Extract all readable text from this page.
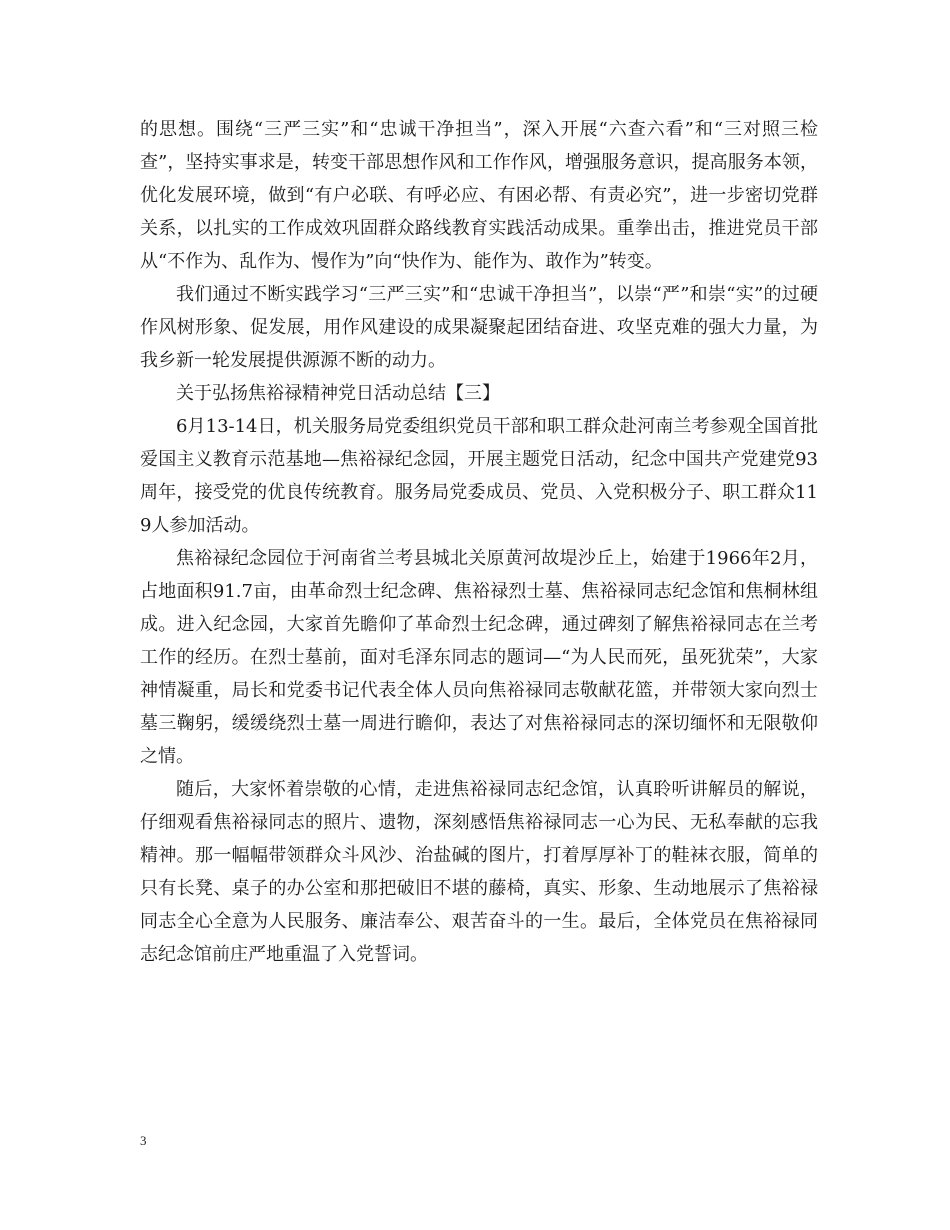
的思想。围绕“三严三实”和“忠诚干净担当”，深入开展“六查六看”和“三对照三检查”，坚持实事求是，转变干部思想作风和工作作风，增强服务意识，提高服务本领，优化发展环境，做到“有户必联、有呼必应、有困必帮、有责必究”，进一步密切党群关系，以扎实的工作成效巩固群众路线教育实践活动成果。重拳出击，推进党员干部从“不作为、乱作为、慢作为”向“快作为、能作为、敢作为”转变。

我们通过不断实践学习“三严三实”和“忠诚干净担当”，以崇“严”和崇“实”的过硬作风树形象、促发展，用作风建设的成果凝聚起团结奋进、攻坚克难的强大力量，为我乡新一轮发展提供源源不断的动力。

关于弘扬焦裕禄精神党日活动总结【三】

6月13-14日，机关服务局党委组织党员干部和职工群众赴河南兰考参观全国首批爱国主义教育示范基地—焦裕禄纪念园，开展主题党日活动，纪念中国共产党建党93周年，接受党的优良传统教育。服务局党委成员、党员、入党积极分子、职工群众119人参加活动。

焦裕禄纪念园位于河南省兰考县城北关原黄河故堤沙丘上，始建于1966年2月，占地面积91.7亩，由革命烈士纪念碑、焦裕禄烈士墓、焦裕禄同志纪念馆和焦桐林组成。进入纪念园，大家首先瞻仰了革命烈士纪念碑，通过碑刻了解焦裕禄同志在兰考工作的经历。在烈士墓前，面对毛泽东同志的题词—“为人民而死，虽死犹荣”，大家神情凝重，局长和党委书记代表全体人员向焦裕禄同志敬献花篮，并带领大家向烈士墓三鞠躬，缓缓绕烈士墓一周进行瞻仰，表达了对焦裕禄同志的深切缅怀和无限敬仰之情。

随后，大家怀着崇敬的心情，走进焦裕禄同志纪念馆，认真聆听讲解员的解说，仔细观看焦裕禄同志的照片、遗物，深刻感悟焦裕禄同志一心为民、无私奉献的忘我精神。那一幅幅带领群众斗风沙、治盐碱的图片，打着厚厚补丁的鞋袜衣服，简单的只有长凳、桌子的办公室和那把破旧不堪的藤椅，真实、形象、生动地展示了焦裕禄同志全心全意为人民服务、廉洁奉公、艰苦奋斗的一生。最后，全体党员在焦裕禄同志纪念馆前庄严地重温了入党誓词。

3
